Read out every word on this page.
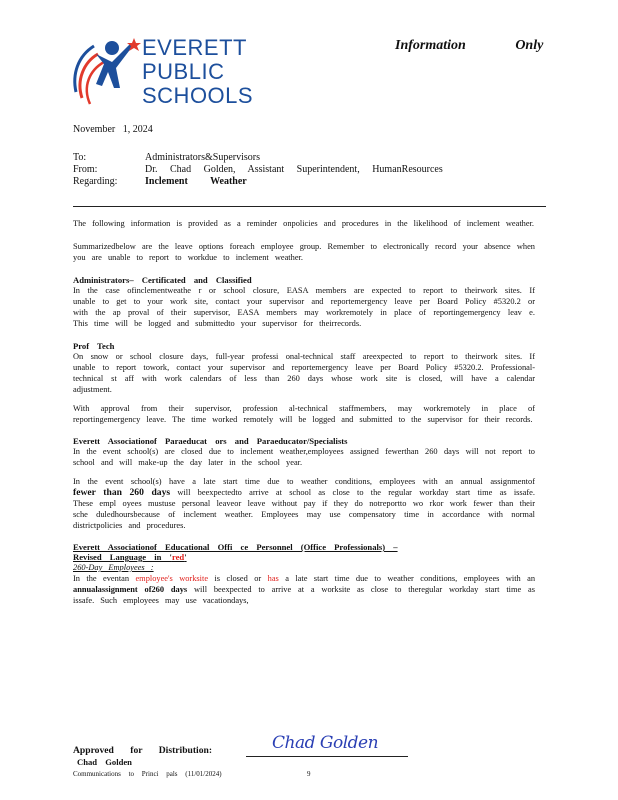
EVERETT
PUBLIC
SCHOOLS
Information	Only
November   1, 2024
To:	Administrators&Supervisors
From:	Dr. Chad Golden, Assistant Superintendent, HumanResources
Regarding:	Inclement Weather

The following information is provided as a reminder onpolicies and procedures in the likelihood of inclement weather.

Summarizedbelow are the leave options foreach employee group. Remember to electronically record your absence when you are unable to report to workdue to inclement weather.

Administrators– Certificated and Classified

In the case ofinclementweathe r or school closure, EASA members are expected to report to theirwork sites. If unable to get to your work site, contact your supervisor and reportemergency leave per Board Policy #5320.2 or with the ap proval of their supervisor, EASA members may workremotely in place of reportingemergency leav e. This time will be logged and submittedto your supervisor for theirrecords.

Prof Tech

On snow or school closure days, full-year professi onal-technical staff areexpected to report to theirwork sites. If unable to report towork, contact your supervisor and reportemergency leave per Board Policy #5320.2. Professional-technical st aff with work calendars of less than 260 days whose work site is closed, will have a calendar adjustment.

With approval from their supervisor, profession al-technical staffmembers, may workremotely in place of reportingemergency leave. The time worked remotely will be logged and submitted to the supervisor for their records.

Everett Associationof Paraeducat ors and Paraeducator/Specialists

In the event school(s) are closed due to inclement weather,employees assigned fewerthan 260 days will not report to school and will make-up the day later in the school year.

In the event school(s) have a late start time due to weather conditions, employees with an annual assignmentof fewer than 260 days will beexpectedto arrive at school as close to the regular workday start time as issafe. These empl oyees mustuse personal leaveor leave without pay if they do notreportto wo rkor work fewer than their sche duledhoursbecause of inclement weather. Employees may use compensatory time in accordance with normal districtpolicies and procedures.

Everett Associationof Educational Offi ce Personnel (Office Professionals) –

Revised Language in 'red'

260-Day Employees :

In the eventan employee's worksite is closed or has a late start time due to weather conditions, employees with an annualassignment of260 days will beexpected to arrive at a worksite as close to theregular workday start time as issafe. Such employees may use vacationdays,

Approved for Distribution:
Chad Golden
Chad Golden
Communications to Princi pals (11/01/2024)	9
